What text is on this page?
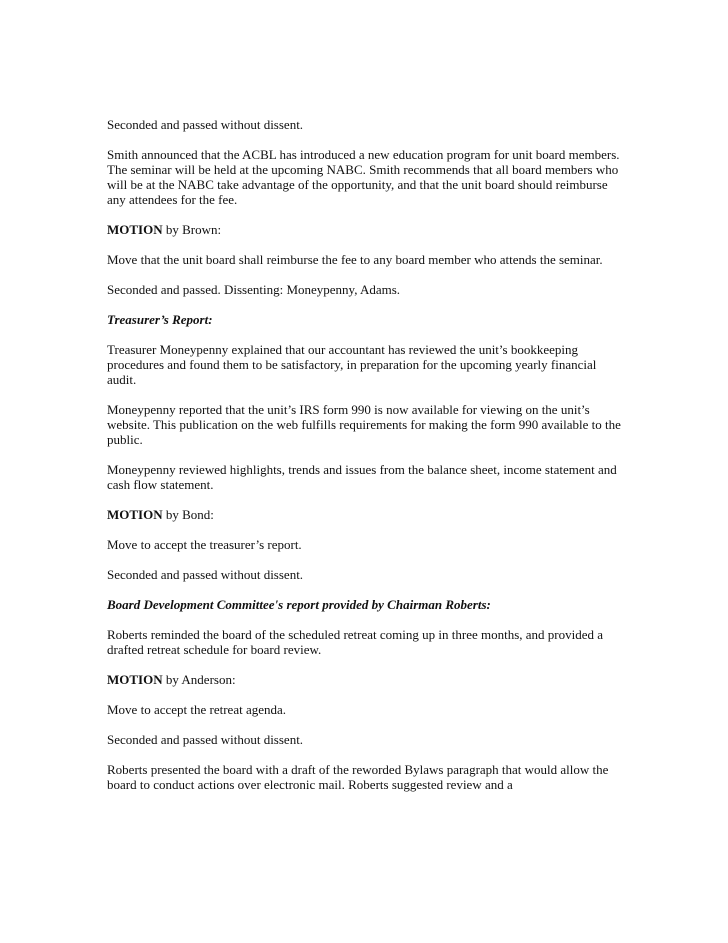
Seconded and passed without dissent.

Smith announced that the ACBL has introduced a new education program for unit board members. The seminar will be held at the upcoming NABC. Smith recommends that all board members who will be at the NABC take advantage of the opportunity, and that the unit board should reimburse any attendees for the fee.

MOTION by Brown:

Move that the unit board shall reimburse the fee to any board member who attends the seminar.

Seconded and passed. Dissenting: Moneypenny, Adams.

Treasurer’s Report:

Treasurer Moneypenny explained that our accountant has reviewed the unit’s bookkeeping procedures and found them to be satisfactory, in preparation for the upcoming yearly financial audit.

Moneypenny reported that the unit’s IRS form 990 is now available for viewing on the unit’s website. This publication on the web fulfills requirements for making the form 990 available to the public.

Moneypenny reviewed highlights, trends and issues from the balance sheet, income statement and cash flow statement.

MOTION by Bond:

Move to accept the treasurer’s report.

Seconded and passed without dissent.

Board Development Committee's report provided by Chairman Roberts:

Roberts reminded the board of the scheduled retreat coming up in three months, and provided a drafted retreat schedule for board review.

MOTION by Anderson:

Move to accept the retreat agenda.

Seconded and passed without dissent.

Roberts presented the board with a draft of the reworded Bylaws paragraph that would allow the board to conduct actions over electronic mail. Roberts suggested review and a
